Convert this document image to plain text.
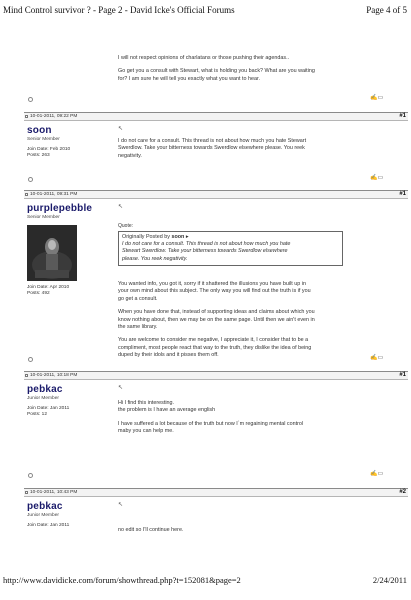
Mind Control survivor ? - Page 2 - David Icke's Official Forums	Page 4 of 5
I will not respect opinions of charlatans or those pushing their agendas..
Go get you a consult with Stewart, what is holding you back? What are you waiting
for? I am sure he will tell you exactly what you want to hear.
✍▭
10-01-2011, 09:22 PM	#1
soon
Senior Member
Join Date: Feb 2010
Posts: 263
↖
I do not care for a consult. This thread is not about how much you hate Stewart
Swerdlow. Take your bitterness towards Swerdlow elsewhere please. You reek
negativity.
✍▭
10-01-2011, 09:31 PM	#1
purplepebble
Senior Member
Join Date: Apr 2010
Posts: 492
↖
Quote:
Originally Posted by soon ▸
I do not care for a consult. This thread is not about how much you hate
Stewart Swerdlow. Take your bitterness towards Swerdlow elsewhere
please. You reek negativity.
You wanted info, you got it, sorry if it shattered the illusions you have built up in
your own mind about this subject. The only way you will find out the truth is if you
go get a consult.
When you have done that, instead of supporting ideas and claims about which you
know nothing about, then we may be on the same page. Until then we ain't even in
the same library.
You are welcome to consider me negative, I appreciate it, I consider that to be a
compliment, most people react that way to the truth, they dislike the idea of being
duped by their idols and it pisses them off.	✍▭
10-01-2011, 10:18 PM	#1
pebkac
Junior Member
Join Date: Jan 2011
Posts: 12
↖
Hi I find this interesting.
the problem is I have an average english
I have suffered a lot because of the truth but now I`m regaining mental control
maby you can help me.
✍▭
10-01-2011, 10:43 PM	#2
pebkac
Junior Member
Join Date: Jan 2011
↖
no edit so I'll continue here.
http://www.davidicke.com/forum/showthread.php?t=152081&page=2	2/24/2011
